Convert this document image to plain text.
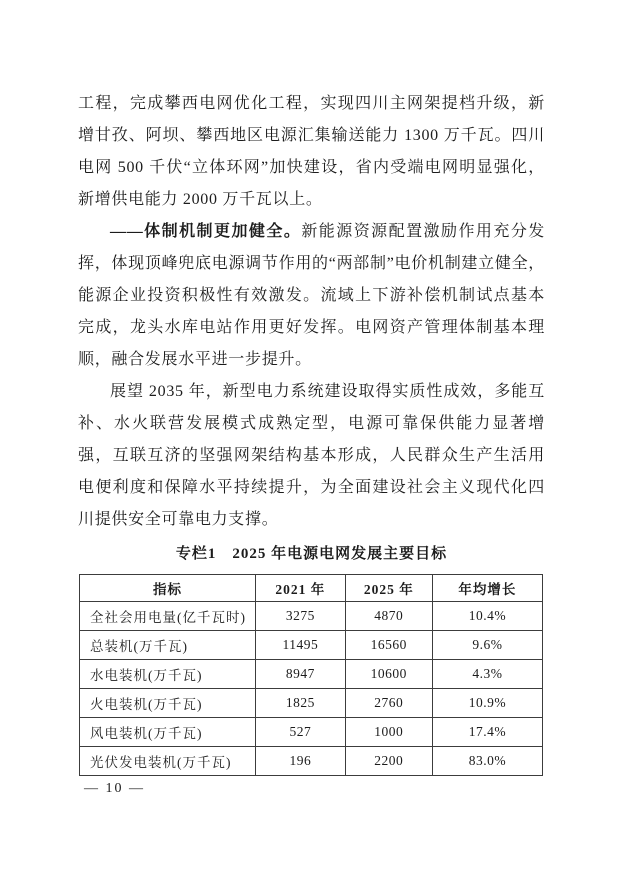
工程，完成攀西电网优化工程，实现四川主网架提档升级，新增甘孜、阿坝、攀西地区电源汇集输送能力 1300 万千瓦。四川电网 500 千伏“立体环网”加快建设，省内受端电网明显强化，新增供电能力 2000 万千瓦以上。

——体制机制更加健全。新能源资源配置激励作用充分发挥，体现顶峰兜底电源调节作用的“两部制”电价机制建立健全，能源企业投资积极性有效激发。流域上下游补偿机制试点基本完成，龙头水库电站作用更好发挥。电网资产管理体制基本理顺，融合发展水平进一步提升。

展望 2035 年，新型电力系统建设取得实质性成效，多能互补、水火联营发展模式成熟定型，电源可靠保供能力显著增强，互联互济的坚强网架结构基本形成，人民群众生产生活用电便利度和保障水平持续提升，为全面建设社会主义现代化四川提供安全可靠电力支撑。

专栏1　2025 年电源电网发展主要目标
指标	2021 年	2025 年	年均增长
全社会用电量(亿千瓦时)	3275	4870	10.4%
总装机(万千瓦)	11495	16560	9.6%
水电装机(万千瓦)	8947	10600	4.3%
火电装机(万千瓦)	1825	2760	10.9%
风电装机(万千瓦)	527	1000	17.4%
光伏发电装机(万千瓦)	196	2200	83.0%
— 10 —
